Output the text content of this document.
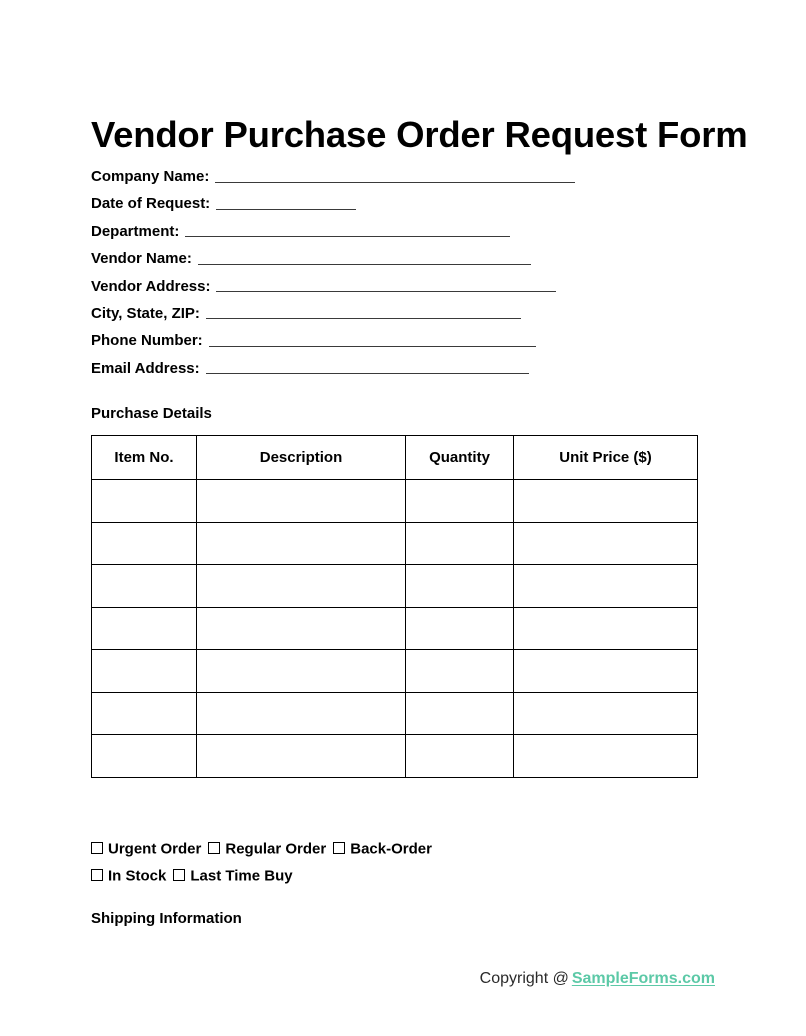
Vendor Purchase Order Request Form
Company Name:
Date of Request:
Department:
Vendor Name:
Vendor Address:
City, State, ZIP:
Phone Number:
Email Address:
Purchase Details
Item No.	Description	Quantity	Unit Price ($)

Urgent Order Regular Order Back-Order
In Stock Last Time Buy
Shipping Information
Copyright @ SampleForms.com
